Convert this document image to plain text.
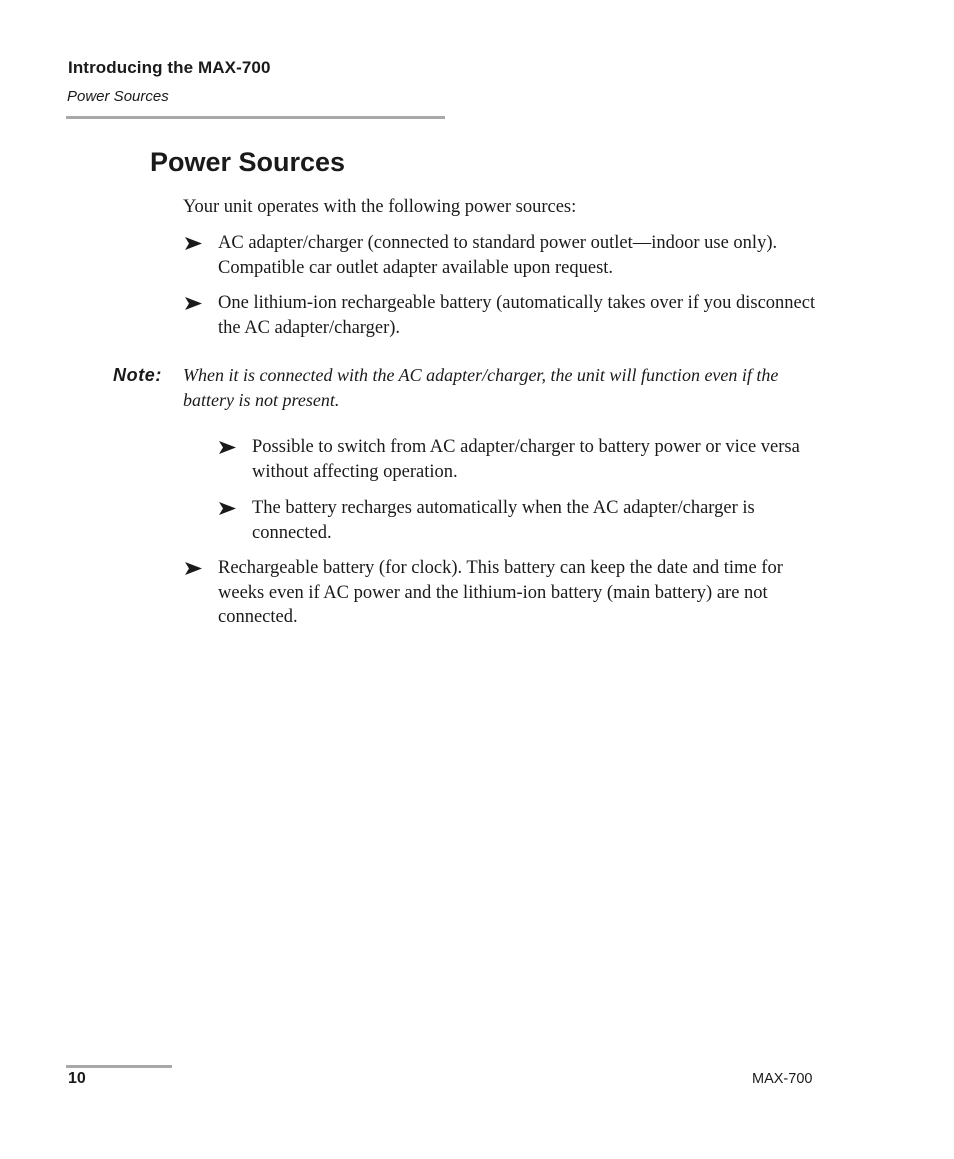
Introducing the MAX-700
Power Sources
Power Sources

Your unit operates with the following power sources:

AC adapter/charger (connected to standard power outlet—indoor use only). Compatible car outlet adapter available upon request.
One lithium-ion rechargeable battery (automatically takes over if you disconnect the AC adapter/charger).
Note: When it is connected with the AC adapter/charger, the unit will function even if the battery is not present.
Possible to switch from AC adapter/charger to battery power or vice versa without affecting operation.
The battery recharges automatically when the AC adapter/charger is connected.
Rechargeable battery (for clock). This battery can keep the date and time for weeks even if AC power and the lithium-ion battery (main battery) are not connected.
10	MAX-700
